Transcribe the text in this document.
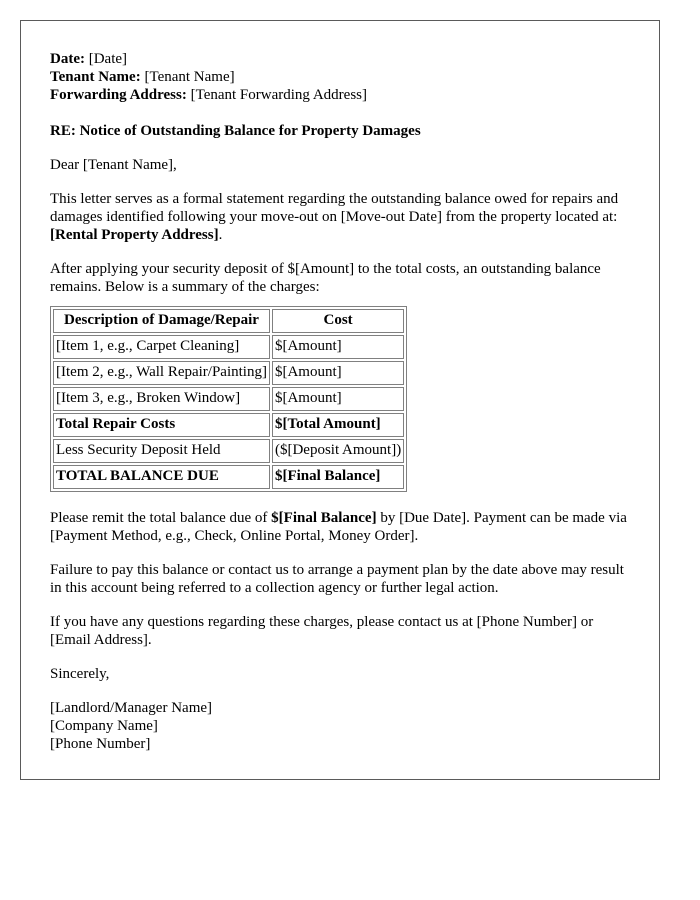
Date: [Date]

Tenant Name: [Tenant Name]

Forwarding Address: [Tenant Forwarding Address]

RE: Notice of Outstanding Balance for Property Damages

Dear [Tenant Name],

This letter serves as a formal statement regarding the outstanding balance owed for repairs and damages identified following your move-out on [Move-out Date] from the property located at: [Rental Property Address].

After applying your security deposit of $[Amount] to the total costs, an outstanding balance remains. Below is a summary of the charges:

Description of Damage/Repair	Cost
[Item 1, e.g., Carpet Cleaning]	$[Amount]
[Item 2, e.g., Wall Repair/Painting]	$[Amount]
[Item 3, e.g., Broken Window]	$[Amount]
Total Repair Costs	$[Total Amount]
Less Security Deposit Held	($[Deposit Amount])
TOTAL BALANCE DUE	$[Final Balance]

Please remit the total balance due of $[Final Balance] by [Due Date]. Payment can be made via [Payment Method, e.g., Check, Online Portal, Money Order].

Failure to pay this balance or contact us to arrange a payment plan by the date above may result in this account being referred to a collection agency or further legal action.

If you have any questions regarding these charges, please contact us at [Phone Number] or [Email Address].

Sincerely,

[Landlord/Manager Name]

[Company Name]

[Phone Number]
